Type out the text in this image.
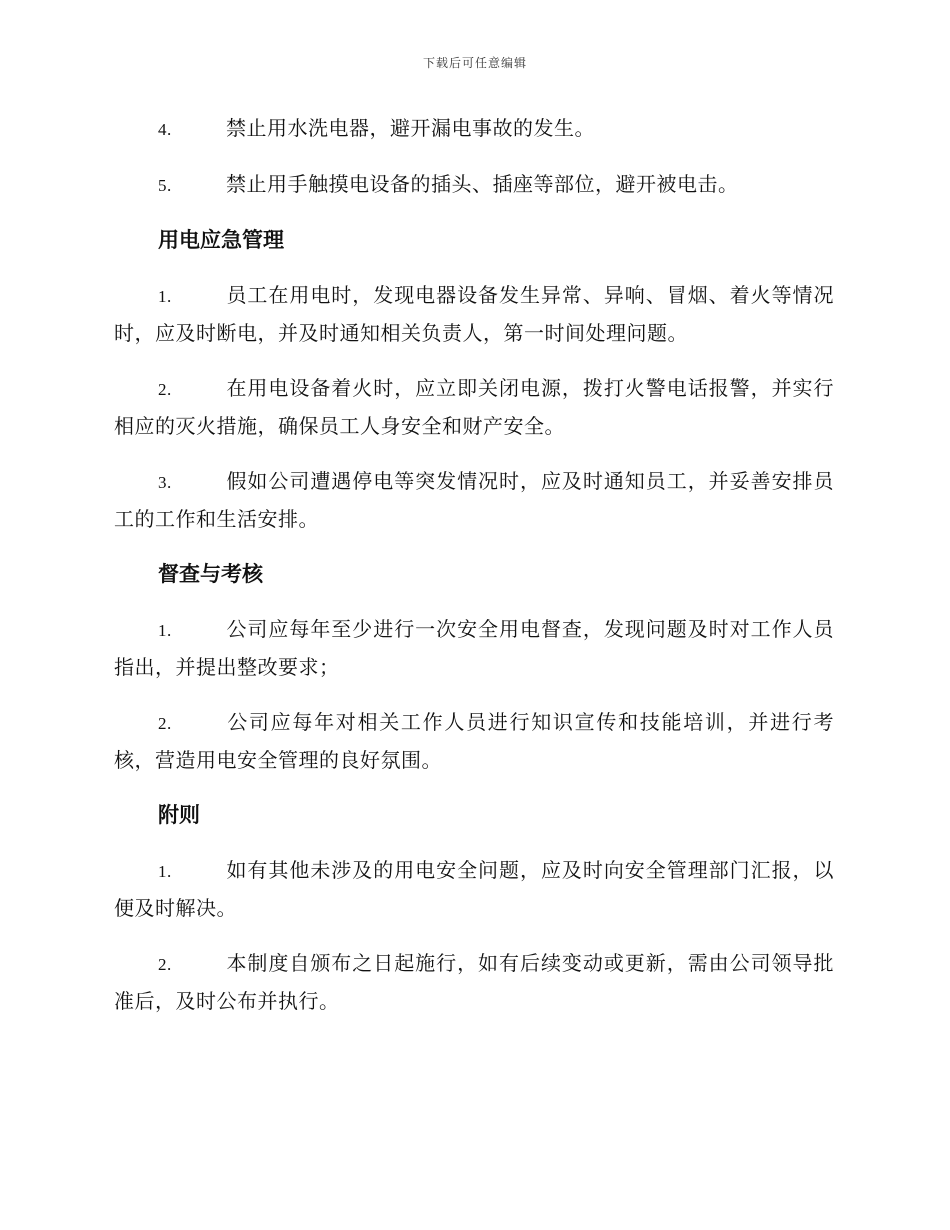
下载后可任意编辑

4.	禁止用水洗电器，避开漏电事故的发生。

5.	禁止用手触摸电设备的插头、插座等部位，避开被电击。

用电应急管理

1.	员工在用电时，发现电器设备发生异常、异响、冒烟、着火等情况时，应及时断电，并及时通知相关负责人，第一时间处理问题。

2.	在用电设备着火时，应立即关闭电源，拨打火警电话报警，并实行相应的灭火措施，确保员工人身安全和财产安全。

3.	假如公司遭遇停电等突发情况时，应及时通知员工，并妥善安排员工的工作和生活安排。

督查与考核

1.	公司应每年至少进行一次安全用电督查，发现问题及时对工作人员指出，并提出整改要求；

2.	公司应每年对相关工作人员进行知识宣传和技能培训，并进行考核，营造用电安全管理的良好氛围。

附则

1.	如有其他未涉及的用电安全问题，应及时向安全管理部门汇报，以便及时解决。

2.	本制度自颁布之日起施行，如有后续变动或更新，需由公司领导批准后，及时公布并执行。
